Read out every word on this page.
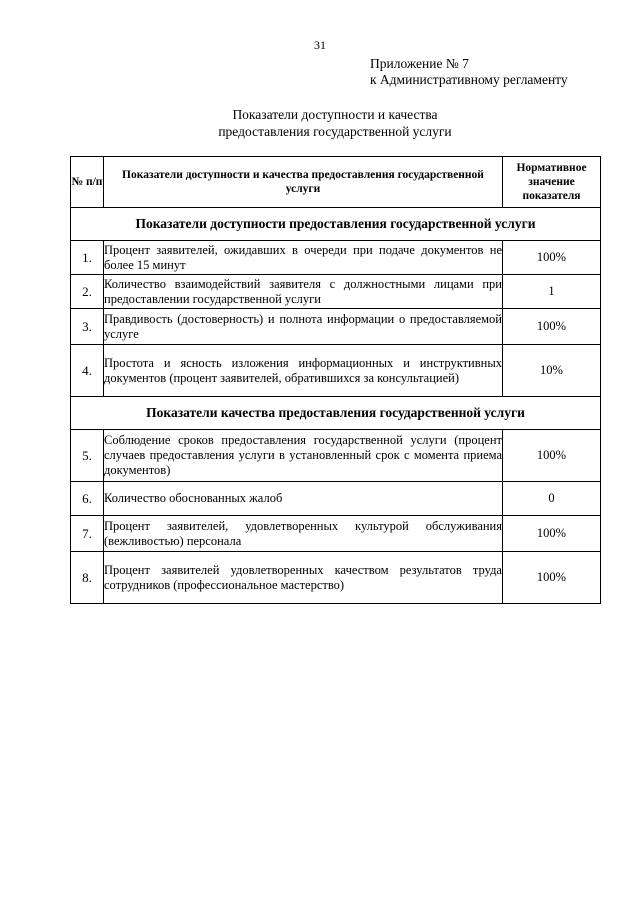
31
Приложение № 7
к Административному регламенту
Показатели доступности и качества
предоставления государственной услуги
№ п/п	Показатели доступности и качества предоставления государственной услуги	Нормативное значение показателя
Показатели доступности предоставления государственной услуги		
1.	Процент заявителей, ожидавших в очереди при подаче документов не более 15 минут	100%
2.	Количество взаимодействий заявителя с должностными лицами при предоставлении государственной услуги	1
3.	Правдивость (достоверность) и полнота информации о предоставляемой услуге	100%
4.	Простота и ясность изложения информационных и инструктивных документов (процент заявителей, обратившихся за консультацией)	10%
Показатели качества предоставления государственной услуги		
5.	Соблюдение сроков предоставления государственной услуги (процент случаев предоставления услуги в установленный срок с момента приема документов)	100%
6.	Количество обоснованных жалоб	0
7.	Процент заявителей, удовлетворенных культурой обслуживания (вежливостью) персонала	100%
8.	Процент заявителей удовлетворенных качеством результатов труда сотрудников (профессиональное мастерство)	100%
